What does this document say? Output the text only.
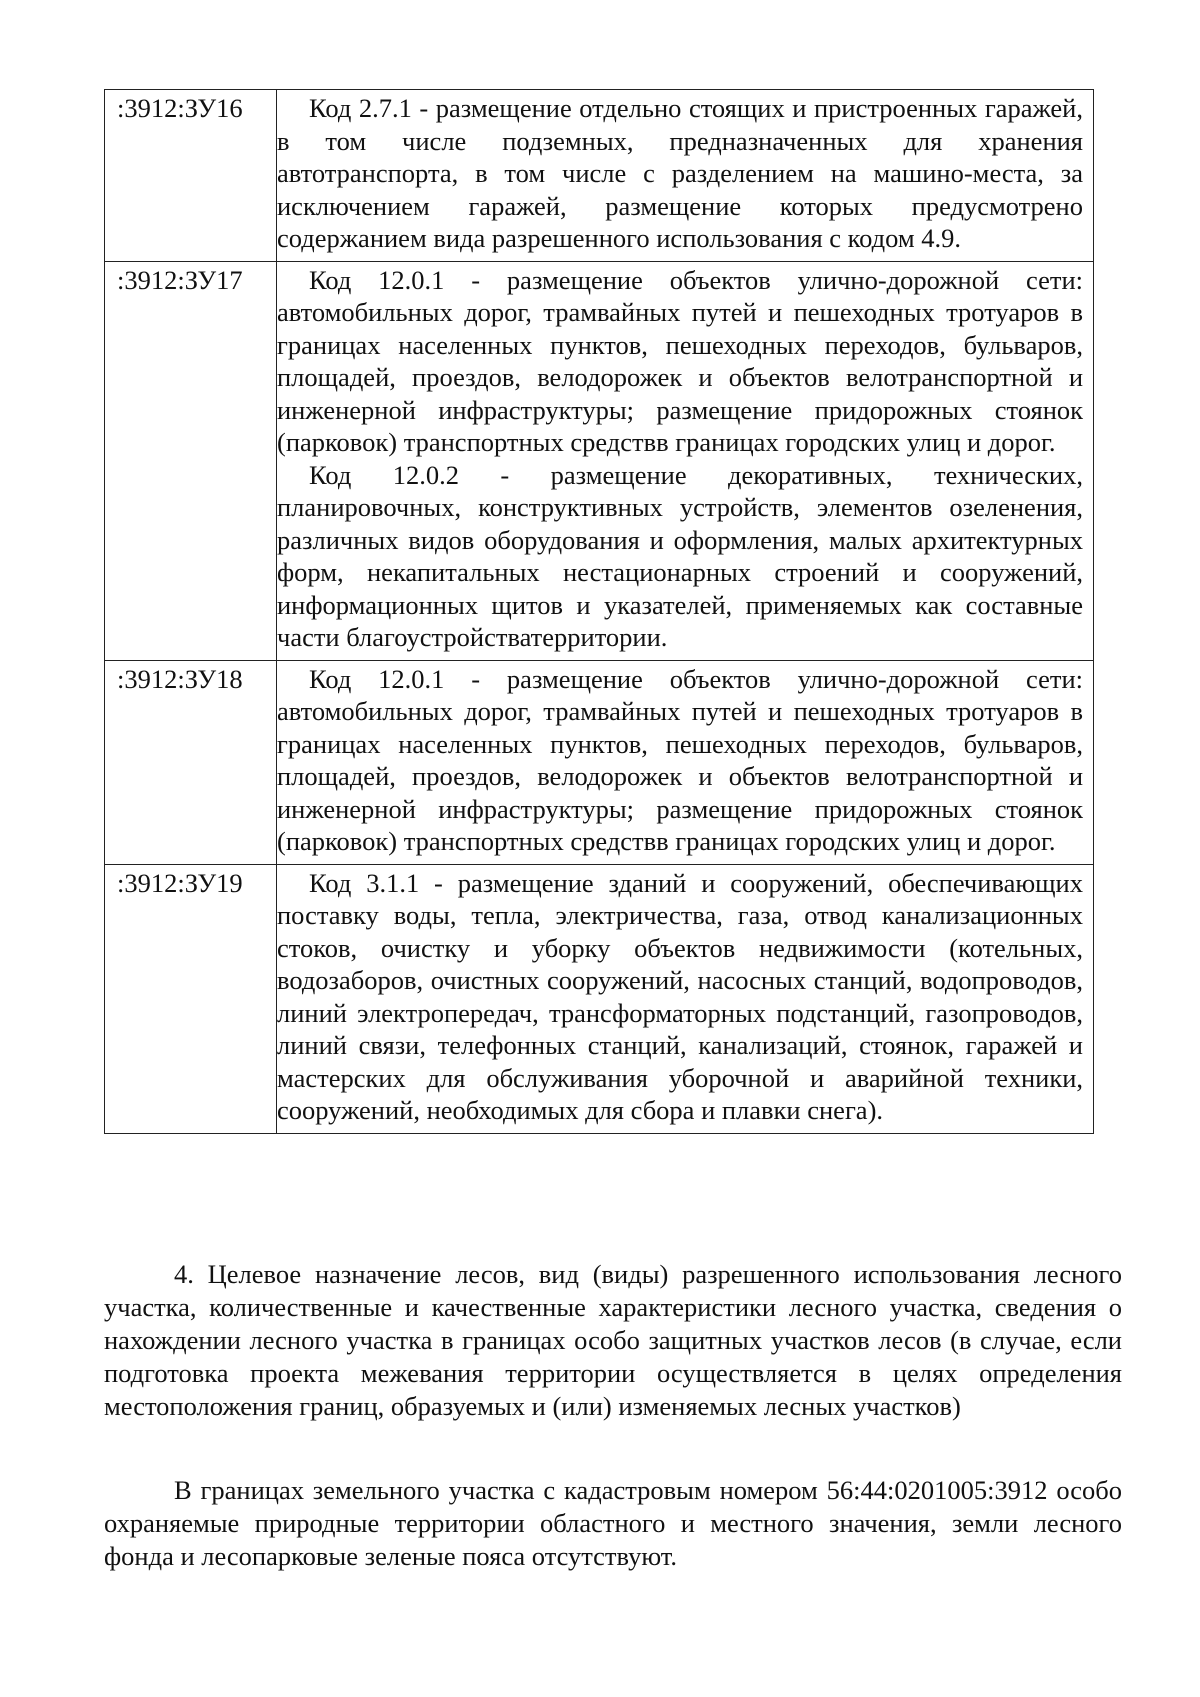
:3912:ЗУ16	Код 2.7.1 - размещение отдельно стоящих и пристроенных гаражей, в том числе подземных, предназначенных для хранения автотранспорта, в том числе с разделением на машино-места, за исключением гаражей, размещение которых предусмотрено содержанием вида разрешенного использования с кодом 4.9.

:3912:ЗУ17	Код 12.0.1 - размещение объектов улично-дорожной сети: автомобильных дорог, трамвайных путей и пешеходных тротуаров в границах населенных пунктов, пешеходных переходов, бульваров, площадей, проездов, велодорожек и объектов велотранспортной и инженерной инфраструктуры; размещение придорожных стоянок (парковок) транспортных средствв границах городских улиц и дорог.

Код 12.0.2 - размещение декоративных, технических, планировочных, конструктивных устройств, элементов озеленения, различных видов оборудования и оформления, малых архитектурных форм, некапитальных нестационарных строений и сооружений, информационных щитов и указателей, применяемых как составные части благоустройстватерритории.

:3912:ЗУ18	Код 12.0.1 - размещение объектов улично-дорожной сети: автомобильных дорог, трамвайных путей и пешеходных тротуаров в границах населенных пунктов, пешеходных переходов, бульваров, площадей, проездов, велодорожек и объектов велотранспортной и инженерной инфраструктуры; размещение придорожных стоянок (парковок) транспортных средствв границах городских улиц и дорог.

:3912:ЗУ19	Код 3.1.1 - размещение зданий и сооружений, обеспечивающих поставку воды, тепла, электричества, газа, отвод канализационных стоков, очистку и уборку объектов недвижимости (котельных, водозаборов, очистных сооружений, насосных станций, водопроводов, линий электропередач, трансформаторных подстанций, газопроводов, линий связи, телефонных станций, канализаций, стоянок, гаражей и мастерских для обслуживания уборочной и аварийной техники, сооружений, необходимых для сбора и плавки снега).

4. Целевое назначение лесов, вид (виды) разрешенного использования лесного участка, количественные и качественные характеристики лесного участка, сведения о нахождении лесного участка в границах особо защитных участков лесов (в случае, если подготовка проекта межевания территории осуществляется в целях определения местоположения границ, образуемых и (или) изменяемых лесных участков)

В границах земельного участка с кадастровым номером 56:44:0201005:3912 особо охраняемые природные территории областного и местного значения, земли лесного фонда и лесопарковые зеленые пояса отсутствуют.
